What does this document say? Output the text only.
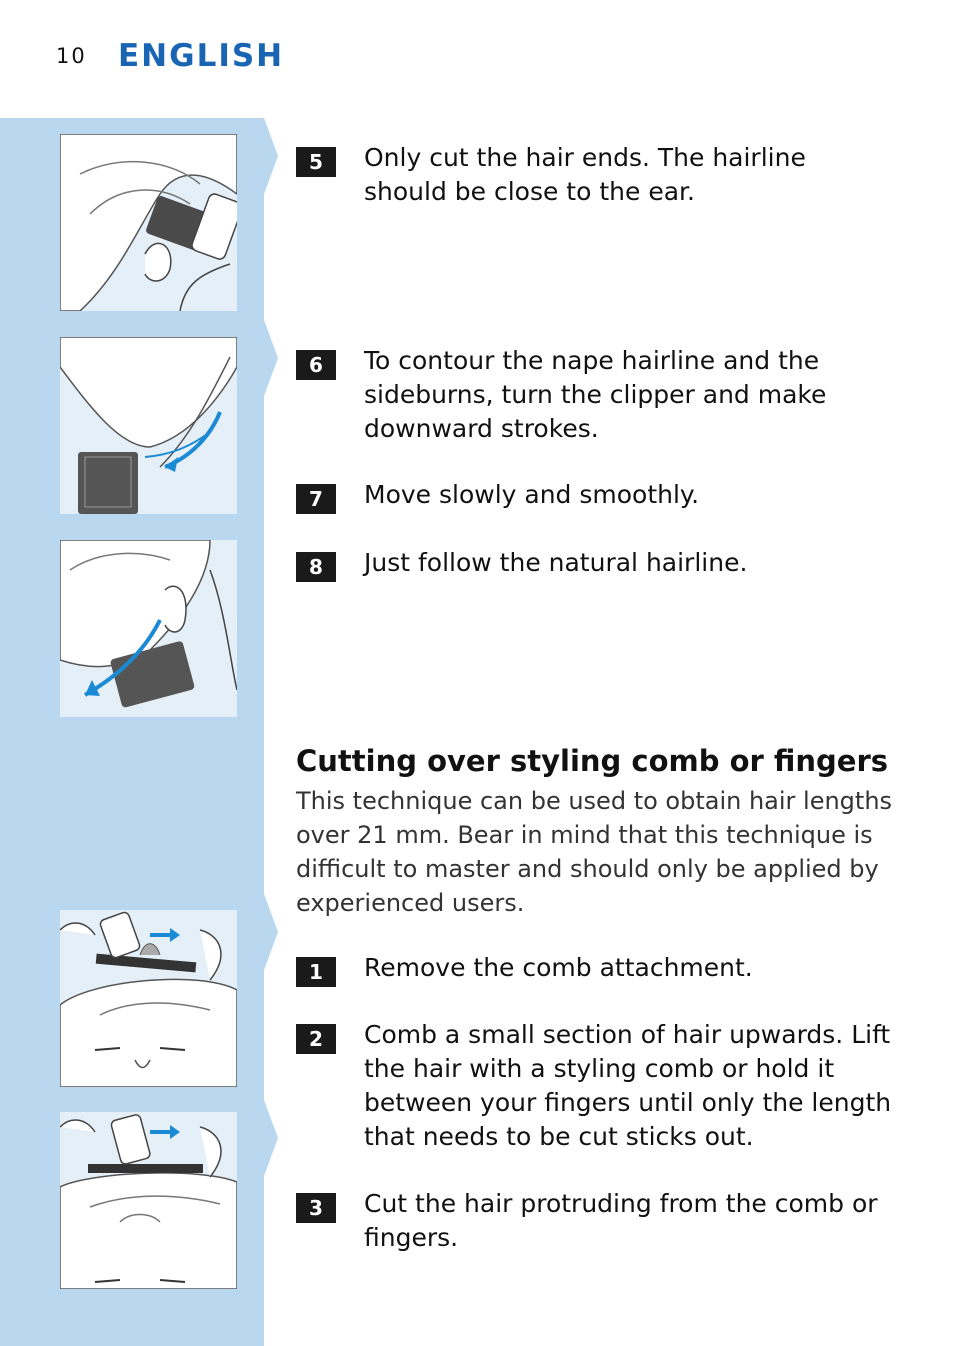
10 ENGLISH
5	Only cut the hair ends. The hairline should be close to the ear.
6	To contour the nape hairline and the sideburns, turn the clipper and make downward strokes.
7	Move slowly and smoothly.
8	Just follow the natural hairline.
Cutting over styling comb or fingers
This technique can be used to obtain hair lengths over 21 mm. Bear in mind that this technique is difficult to master and should only be applied by experienced users.
1	Remove the comb attachment.
2	Comb a small section of hair upwards. Lift the hair with a styling comb or hold it between your fingers until only the length that needs to be cut sticks out.
3	Cut the hair protruding from the comb or fingers.
